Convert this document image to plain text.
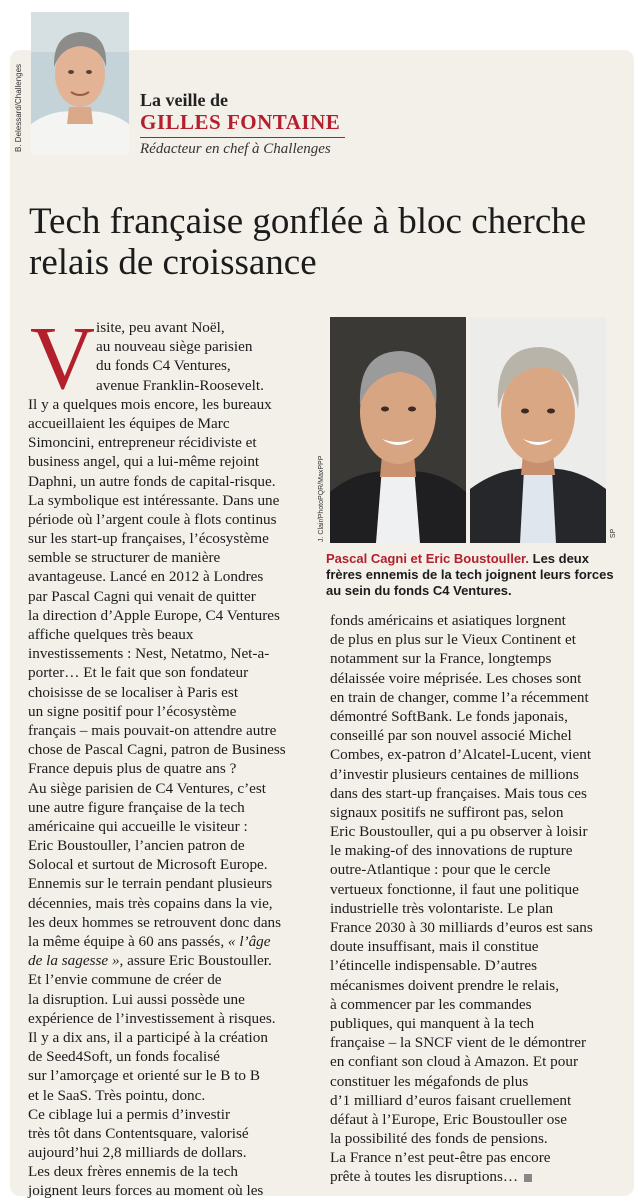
B. Delessard/Challenges	La veille de
GILLES FONTAINE
Rédacteur en chef à Challenges
Tech française gonflée à bloc cherche relais de croissance
V isite, peu avant Noël,
au nouveau siège parisien
du fonds C4 Ventures,
avenue Franklin-Roosevelt.
Il y a quelques mois encore, les bureaux
accueillaient les équipes de Marc
Simoncini, entrepreneur récidiviste et
business angel, qui a lui-même rejoint
Daphni, un autre fonds de capital-risque.
La symbolique est intéressante. Dans une
période où l’argent coule à flots continus
sur les start-up françaises, l’écosystème
semble se structurer de manière
avantageuse. Lancé en 2012 à Londres
par Pascal Cagni qui venait de quitter
la direction d’Apple Europe, C4 Ventures
affiche quelques très beaux
investissements : Nest, Netatmo, Net-a-
porter… Et le fait que son fondateur
choisisse de se localiser à Paris est
un signe positif pour l’écosystème
français – mais pouvait-on attendre autre
chose de Pascal Cagni, patron de Business
France depuis plus de quatre ans ?
Au siège parisien de C4 Ventures, c’est
une autre figure française de la tech
américaine qui accueille le visiteur :
Eric Boustouller, l’ancien patron de
Solocal et surtout de Microsoft Europe.
Ennemis sur le terrain pendant plusieurs
décennies, mais très copains dans la vie,
les deux hommes se retrouvent donc dans
la même équipe à 60 ans passés, « l’âge
de la sagesse », assure Eric Boustouller.
Et l’envie commune de créer de
la disruption. Lui aussi possède une
expérience de l’investissement à risques.
Il y a dix ans, il a participé à la création
de Seed4Soft, un fonds focalisé
sur l’amorçage et orienté sur le B to B
et le SaaS. Très pointu, donc.
Ce ciblage lui a permis d’investir
très tôt dans Contentsquare, valorisé
aujourd’hui 2,8 milliards de dollars.
Les deux frères ennemis de la tech
joignent leurs forces au moment où les
J. Clair/PhotoPQR/MaxPPP	SP
Pascal Cagni et Eric Boustouller. Les deux frères ennemis de la tech joignent leurs forces au sein du fonds C4 Ventures.
fonds américains et asiatiques lorgnent
de plus en plus sur le Vieux Continent et
notamment sur la France, longtemps
délaissée voire méprisée. Les choses sont
en train de changer, comme l’a récemment
démontré SoftBank. Le fonds japonais,
conseillé par son nouvel associé Michel
Combes, ex-patron d’Alcatel-Lucent, vient
d’investir plusieurs centaines de millions
dans des start-up françaises. Mais tous ces
signaux positifs ne suffiront pas, selon
Eric Boustouller, qui a pu observer à loisir
le making-of des innovations de rupture
outre-Atlantique : pour que le cercle
vertueux fonctionne, il faut une politique
industrielle très volontariste. Le plan
France 2030 à 30 milliards d’euros est sans
doute insuffisant, mais il constitue
l’étincelle indispensable. D’autres
mécanismes doivent prendre le relais,
à commencer par les commandes
publiques, qui manquent à la tech
française – la SNCF vient de le démontrer
en confiant son cloud à Amazon. Et pour
constituer les mégafonds de plus
d’1 milliard d’euros faisant cruellement
défaut à l’Europe, Eric Boustouller ose
la possibilité des fonds de pensions.
La France n’est peut-être pas encore
prête à toutes les disruptions…
